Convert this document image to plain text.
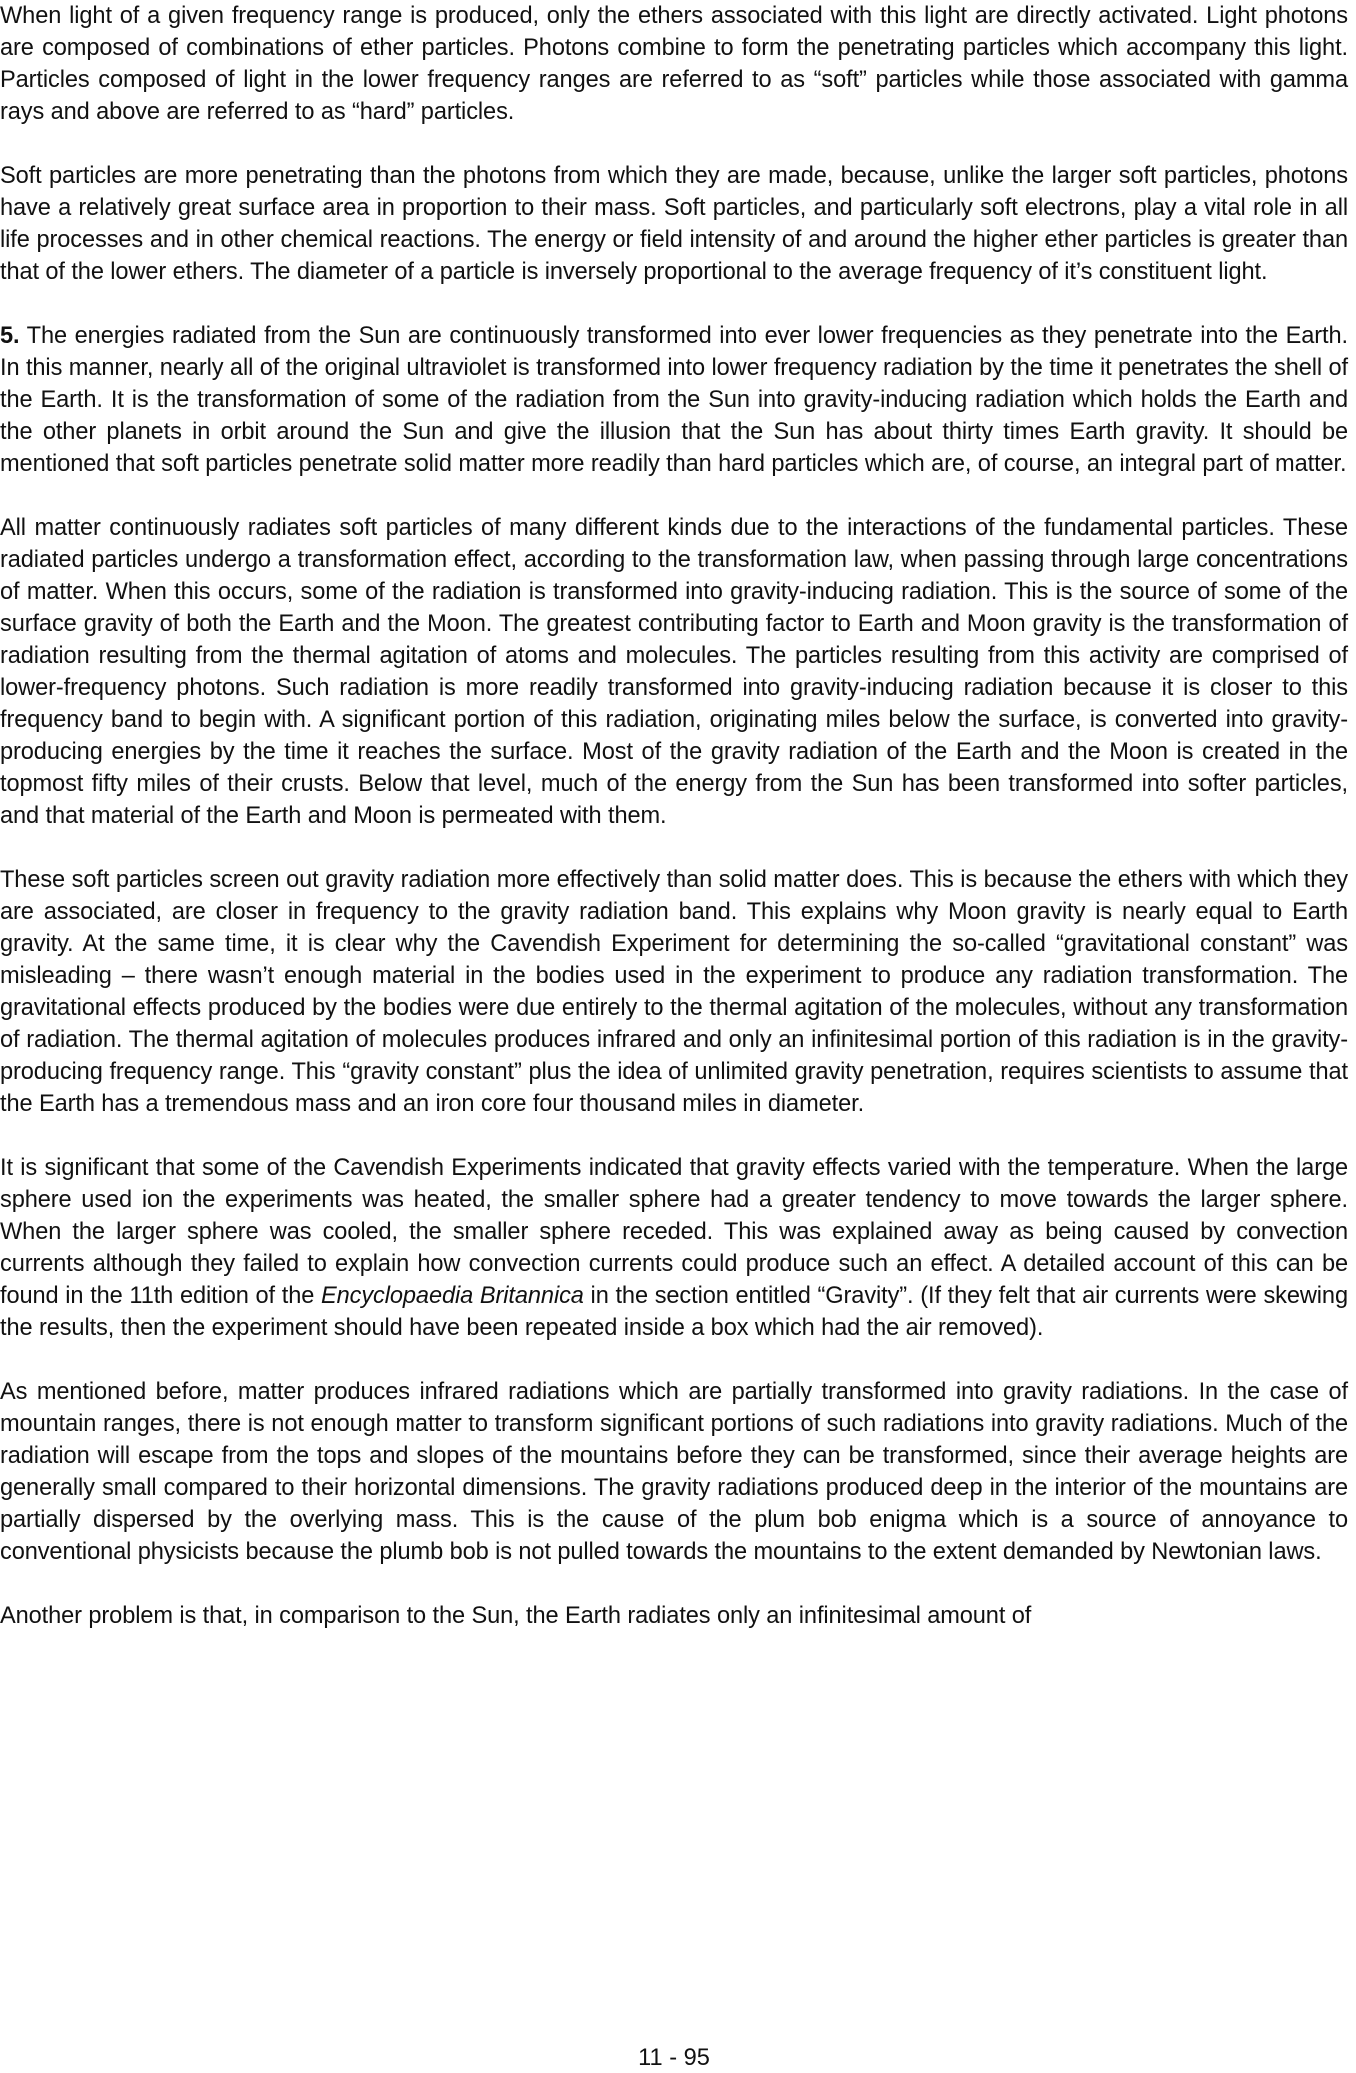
When light of a given frequency range is produced, only the ethers associated with this light are directly activated. Light photons are composed of combinations of ether particles. Photons combine to form the penetrating particles which accompany this light. Particles composed of light in the lower frequency ranges are referred to as “soft” particles while those associated with gamma rays and above are referred to as “hard” particles.

Soft particles are more penetrating than the photons from which they are made, because, unlike the larger soft particles, photons have a relatively great surface area in proportion to their mass. Soft particles, and particularly soft electrons, play a vital role in all life processes and in other chemical reactions. The energy or field intensity of and around the higher ether particles is greater than that of the lower ethers. The diameter of a particle is inversely proportional to the average frequency of it’s constituent light.

5. The energies radiated from the Sun are continuously transformed into ever lower frequencies as they penetrate into the Earth. In this manner, nearly all of the original ultraviolet is transformed into lower frequency radiation by the time it penetrates the shell of the Earth. It is the transformation of some of the radiation from the Sun into gravity-inducing radiation which holds the Earth and the other planets in orbit around the Sun and give the illusion that the Sun has about thirty times Earth gravity. It should be mentioned that soft particles penetrate solid matter more readily than hard particles which are, of course, an integral part of matter.

All matter continuously radiates soft particles of many different kinds due to the interactions of the fundamental particles. These radiated particles undergo a transformation effect, according to the transformation law, when passing through large concentrations of matter. When this occurs, some of the radiation is transformed into gravity-inducing radiation. This is the source of some of the surface gravity of both the Earth and the Moon. The greatest contributing factor to Earth and Moon gravity is the transformation of radiation resulting from the thermal agitation of atoms and molecules. The particles resulting from this activity are comprised of lower-frequency photons. Such radiation is more readily transformed into gravity-inducing radiation because it is closer to this frequency band to begin with. A significant portion of this radiation, originating miles below the surface, is converted into gravity-producing energies by the time it reaches the surface. Most of the gravity radiation of the Earth and the Moon is created in the topmost fifty miles of their crusts. Below that level, much of the energy from the Sun has been transformed into softer particles, and that material of the Earth and Moon is permeated with them.

These soft particles screen out gravity radiation more effectively than solid matter does. This is because the ethers with which they are associated, are closer in frequency to the gravity radiation band. This explains why Moon gravity is nearly equal to Earth gravity. At the same time, it is clear why the Cavendish Experiment for determining the so-called “gravitational constant” was misleading – there wasn’t enough material in the bodies used in the experiment to produce any radiation transformation. The gravitational effects produced by the bodies were due entirely to the thermal agitation of the molecules, without any transformation of radiation. The thermal agitation of molecules produces infrared and only an infinitesimal portion of this radiation is in the gravity-producing frequency range. This “gravity constant” plus the idea of unlimited gravity penetration, requires scientists to assume that the Earth has a tremendous mass and an iron core four thousand miles in diameter.

It is significant that some of the Cavendish Experiments indicated that gravity effects varied with the temperature. When the large sphere used ion the experiments was heated, the smaller sphere had a greater tendency to move towards the larger sphere. When the larger sphere was cooled, the smaller sphere receded. This was explained away as being caused by convection currents although they failed to explain how convection currents could produce such an effect. A detailed account of this can be found in the 11th edition of the Encyclopaedia Britannica in the section entitled “Gravity”. (If they felt that air currents were skewing the results, then the experiment should have been repeated inside a box which had the air removed).

As mentioned before, matter produces infrared radiations which are partially transformed into gravity radiations. In the case of mountain ranges, there is not enough matter to transform significant portions of such radiations into gravity radiations. Much of the radiation will escape from the tops and slopes of the mountains before they can be transformed, since their average heights are generally small compared to their horizontal dimensions. The gravity radiations produced deep in the interior of the mountains are partially dispersed by the overlying mass. This is the cause of the plum bob enigma which is a source of annoyance to conventional physicists because the plumb bob is not pulled towards the mountains to the extent demanded by Newtonian laws.

Another problem is that, in comparison to the Sun, the Earth radiates only an infinitesimal amount of

11 - 95
